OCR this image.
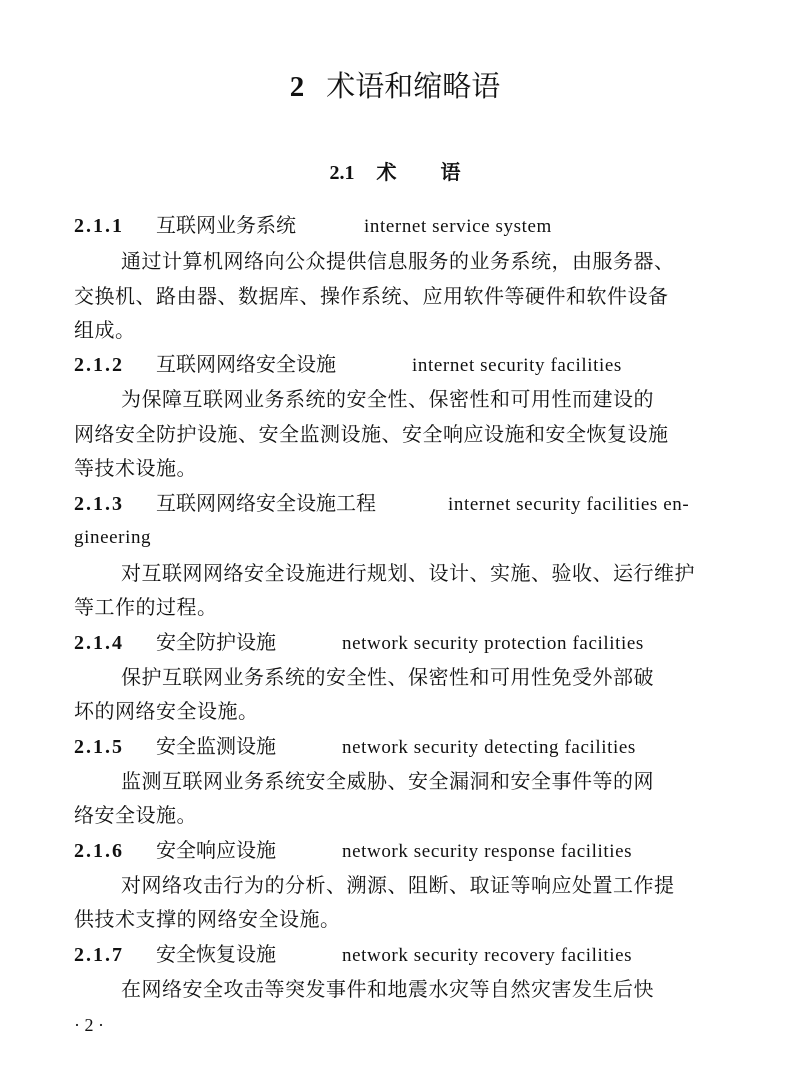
2 术语和缩略语
2.1 术 语
2.1.1 互联网业务系统	internet service system
通过计算机网络向公众提供信息服务的业务系统，由服务器、
交换机、路由器、数据库、操作系统、应用软件等硬件和软件设备
组成。
2.1.2 互联网网络安全设施	internet security facilities
为保障互联网业务系统的安全性、保密性和可用性而建设的
网络安全防护设施、安全监测设施、安全响应设施和安全恢复设施
等技术设施。
2.1.3 互联网网络安全设施工程	internet security facilities en-
gineering
对互联网网络安全设施进行规划、设计、实施、验收、运行维护
等工作的过程。
2.1.4 安全防护设施	network security protection facilities
保护互联网业务系统的安全性、保密性和可用性免受外部破
坏的网络安全设施。
2.1.5 安全监测设施	network security detecting facilities
监测互联网业务系统安全威胁、安全漏洞和安全事件等的网
络安全设施。
2.1.6 安全响应设施	network security response facilities
对网络攻击行为的分析、溯源、阻断、取证等响应处置工作提
供技术支撑的网络安全设施。
2.1.7 安全恢复设施	network security recovery facilities
在网络安全攻击等突发事件和地震水灾等自然灾害发生后快
· 2 ·
